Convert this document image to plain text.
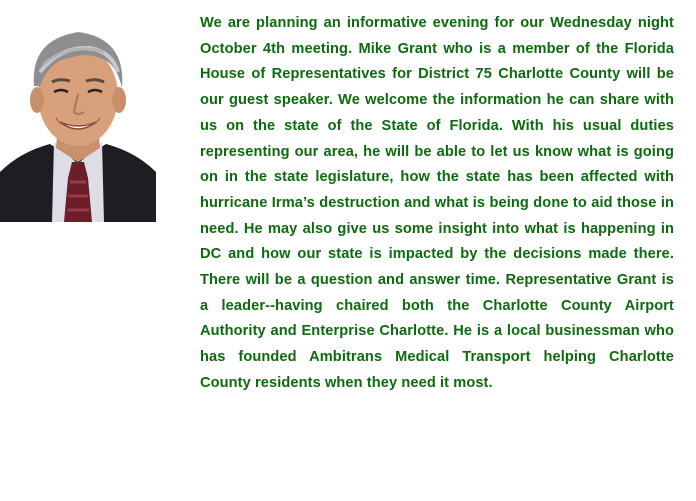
We are planning an informative evening for our Wednesday night October 4th meeting. Mike Grant who is a member of the Florida House of Representatives for District 75 Charlotte County will be our guest speaker. We welcome the information he can share with us on the state of the State of Florida. With his usual duties representing our area, he will be able to let us know what is going on in the state legislature, how the state has been affected with hurricane Irma’s destruction and what is being done to aid those in need. He may also give us some insight into what is happening in DC and how our state is impacted by the decisions made there. There will be a question and answer time. Representative Grant is a leader--having chaired both the Charlotte County Airport Authority and Enterprise Charlotte. He is a local businessman who has founded Ambitrans Medical Transport helping Charlotte County residents when they need it most.
